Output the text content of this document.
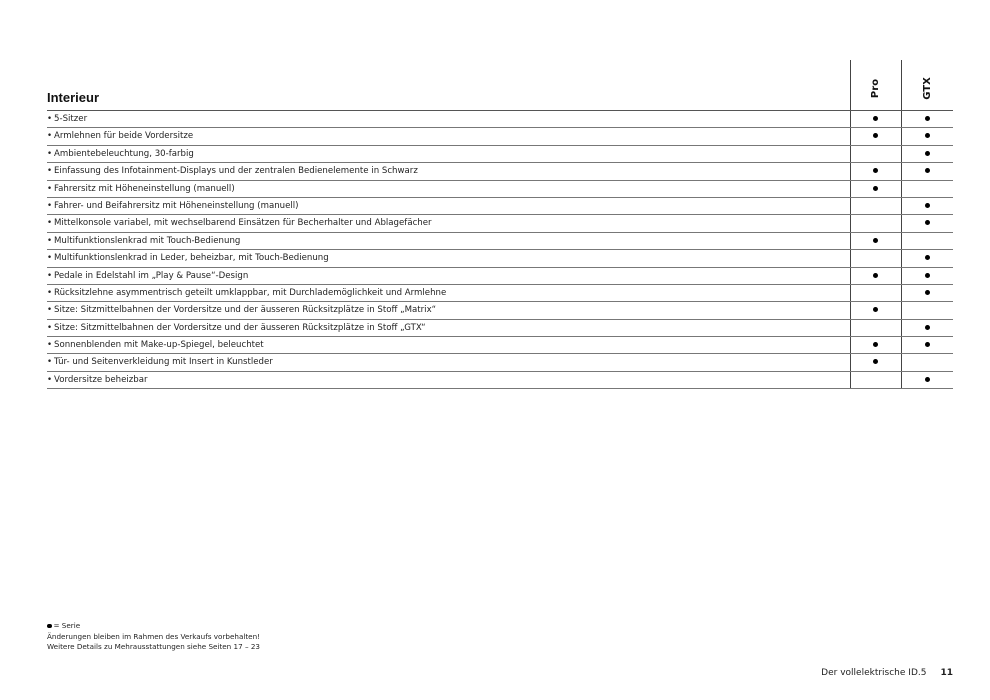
Interieur	Pro	GTX
• 5-Sitzer
• Armlehnen für beide Vordersitze
• Ambientebeleuchtung, 30-farbig
• Einfassung des Infotainment-Displays und der zentralen Bedienelemente in Schwarz
• Fahrersitz mit Höheneinstellung (manuell)
• Fahrer- und Beifahrersitz mit Höheneinstellung (manuell)
• Mittelkonsole variabel, mit wechselbarend Einsätzen für Becherhalter und Ablagefächer
• Multifunktionslenkrad mit Touch-Bedienung
• Multifunktionslenkrad in Leder, beheizbar, mit Touch-Bedienung
• Pedale in Edelstahl im „Play & Pause“-Design
• Rücksitzlehne asymmentrisch geteilt umklappbar, mit Durchlademöglichkeit und Armlehne
• Sitze: Sitzmittelbahnen der Vordersitze und der äusseren Rücksitzplätze in Stoff „Matrix“
• Sitze: Sitzmittelbahnen der Vordersitze und der äusseren Rücksitzplätze in Stoff „GTX“
• Sonnenblenden mit Make-up-Spiegel, beleuchtet
• Tür- und Seitenverkleidung mit Insert in Kunstleder
• Vordersitze beheizbar
= Serie
Änderungen bleiben im Rahmen des Verkaufs vorbehalten!
Weitere Details zu Mehrausstattungen siehe Seiten 17 – 23
Der vollelektrische ID.5 11
